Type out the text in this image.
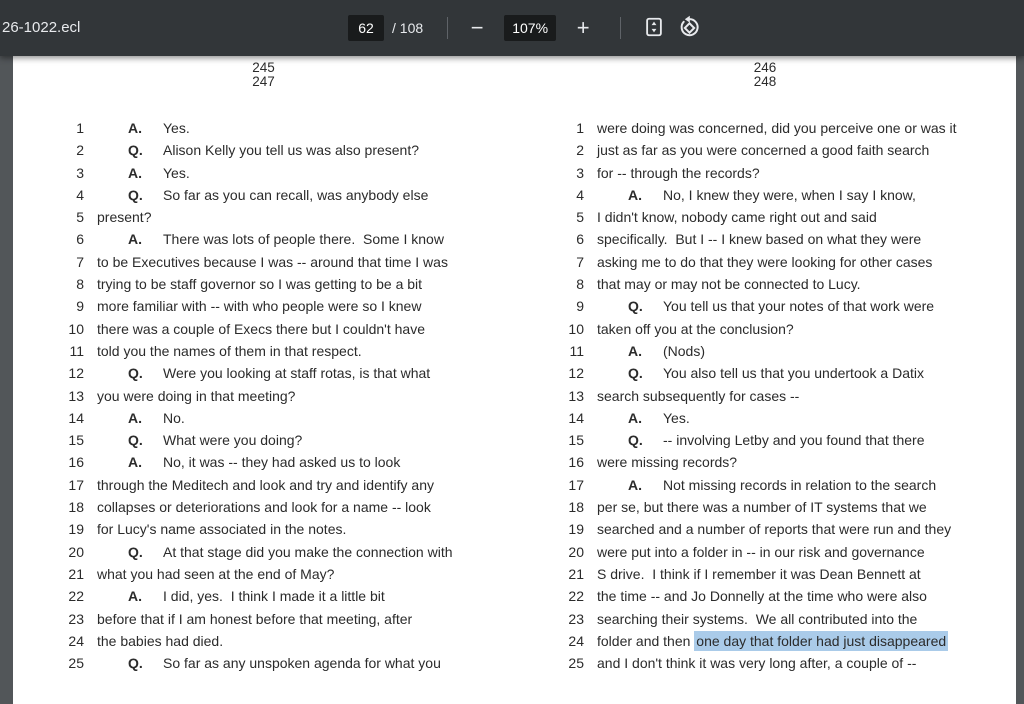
26-1022.ecl
62	/ 108 −	107%	+
245
1	A. Yes.
2	Q. Alison Kelly you tell us was also present?
3	A. Yes.
4	Q. So far as you can recall, was anybody else
5 present?
6	A. There was lots of people there.  Some I know
7 to be Executives because I was -- around that time I was
8 trying to be staff governor so I was getting to be a bit
9 more familiar with -- with who people were so I knew
10 there was a couple of Execs there but I couldn't have
11 told you the names of them in that respect.
12	Q. Were you looking at staff rotas, is that what
13 you were doing in that meeting?
14	A. No.
15	Q. What were you doing?
16	A. No, it was -- they had asked us to look
17 through the Meditech and look and try and identify any
18 collapses or deteriorations and look for a name -- look
19 for Lucy's name associated in the notes.
20	Q. At that stage did you make the connection with
21 what you had seen at the end of May?
22	A. I did, yes.  I think I made it a little bit
23 before that if I am honest before that meeting, after
24 the babies had died.
25	Q. So far as any unspoken agenda for what you
247
246
1 were doing was concerned, did you perceive one or was it
2 just as far as you were concerned a good faith search
3 for -- through the records?
4	A. No, I knew they were, when I say I know,
5 I didn't know, nobody came right out and said
6 specifically.  But I -- I knew based on what they were
7 asking me to do that they were looking for other cases
8 that may or may not be connected to Lucy.
9	Q. You tell us that your notes of that work were
10 taken off you at the conclusion?
11	A. (Nods)
12	Q. You also tell us that you undertook a Datix
13 search subsequently for cases --
14	A. Yes.
15	Q. -- involving Letby and you found that there
16 were missing records?
17	A. Not missing records in relation to the search
18 per se, but there was a number of IT systems that we
19 searched and a number of reports that were run and they
20 were put into a folder in -- in our risk and governance
21 S drive.  I think if I remember it was Dean Bennett at
22 the time -- and Jo Donnelly at the time who were also
23 searching their systems.  We all contributed into the
24 folder and then one day that folder had just disappeared
25 and I don't think it was very long after, a couple of --
248
